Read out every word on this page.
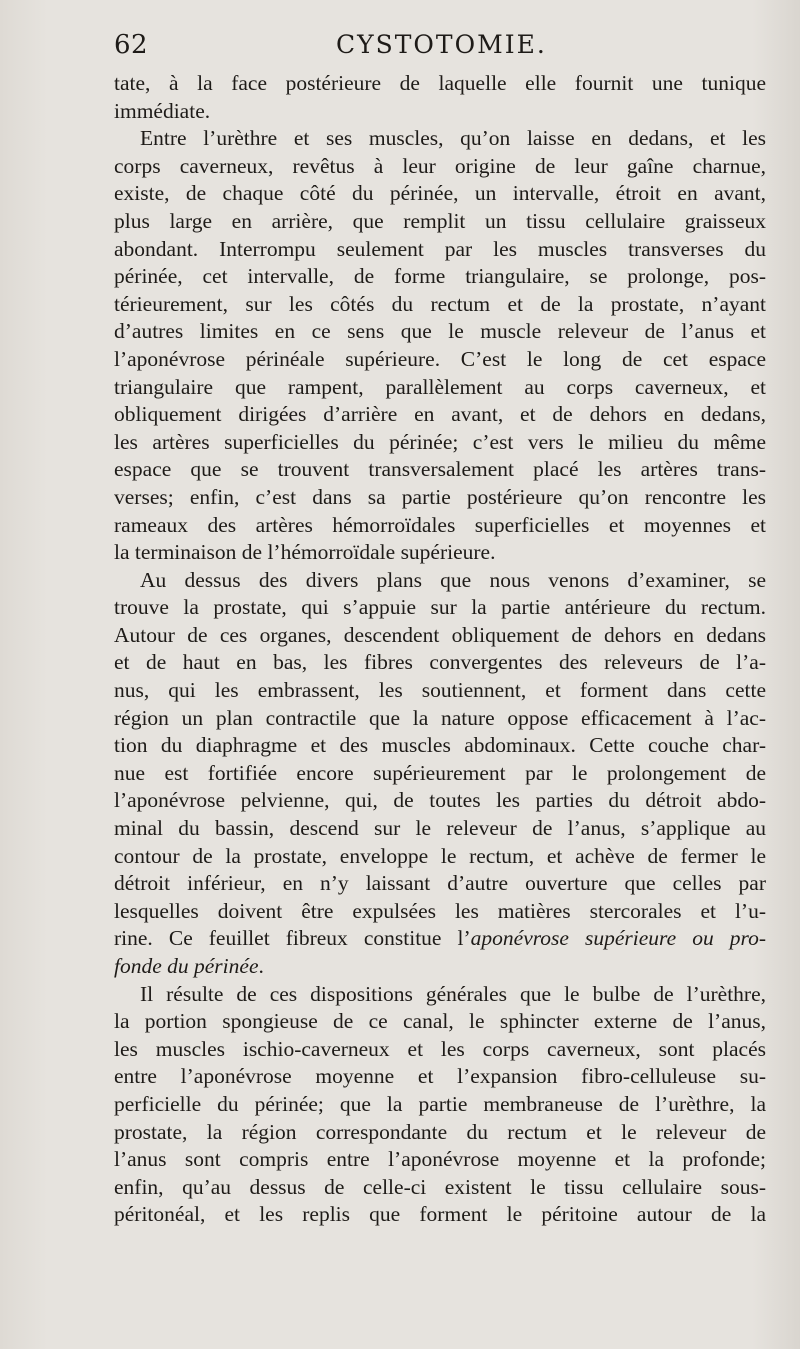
62	CYSTOTOMIE.
tate, à la face postérieure de laquelle elle fournit une tunique
immédiate.
Entre l’urèthre et ses muscles, qu’on laisse en dedans, et les
corps caverneux, revêtus à leur origine de leur gaîne charnue,
existe, de chaque côté du périnée, un intervalle, étroit en avant,
plus large en arrière, que remplit un tissu cellulaire graisseux
abondant. Interrompu seulement par les muscles transverses du
périnée, cet intervalle, de forme triangulaire, se prolonge, pos-
térieurement, sur les côtés du rectum et de la prostate, n’ayant
d’autres limites en ce sens que le muscle releveur de l’anus et
l’aponévrose périnéale supérieure. C’est le long de cet espace
triangulaire que rampent, parallèlement au corps caverneux, et
obliquement dirigées d’arrière en avant, et de dehors en dedans,
les artères superficielles du périnée; c’est vers le milieu du même
espace que se trouvent transversalement placé les artères trans-
verses; enfin, c’est dans sa partie postérieure qu’on rencontre les
rameaux des artères hémorroïdales superficielles et moyennes et
la terminaison de l’hémorroïdale supérieure.
Au dessus des divers plans que nous venons d’examiner, se
trouve la prostate, qui s’appuie sur la partie antérieure du rectum.
Autour de ces organes, descendent obliquement de dehors en dedans
et de haut en bas, les fibres convergentes des releveurs de l’a-
nus, qui les embrassent, les soutiennent, et forment dans cette
région un plan contractile que la nature oppose efficacement à l’ac-
tion du diaphragme et des muscles abdominaux. Cette couche char-
nue est fortifiée encore supérieurement par le prolongement de
l’aponévrose pelvienne, qui, de toutes les parties du détroit abdo-
minal du bassin, descend sur le releveur de l’anus, s’applique au
contour de la prostate, enveloppe le rectum, et achève de fermer le
détroit inférieur, en n’y laissant d’autre ouverture que celles par
lesquelles doivent être expulsées les matières stercorales et l’u-
rine. Ce feuillet fibreux constitue l’aponévrose supérieure ou pro-
fonde du périnée.
Il résulte de ces dispositions générales que le bulbe de l’urèthre,
la portion spongieuse de ce canal, le sphincter externe de l’anus,
les muscles ischio-caverneux et les corps caverneux, sont placés
entre l’aponévrose moyenne et l’expansion fibro-celluleuse su-
perficielle du périnée; que la partie membraneuse de l’urèthre, la
prostate, la région correspondante du rectum et le releveur de
l’anus sont compris entre l’aponévrose moyenne et la profonde;
enfin, qu’au dessus de celle-ci existent le tissu cellulaire sous-
péritonéal, et les replis que forment le péritoine autour de la
